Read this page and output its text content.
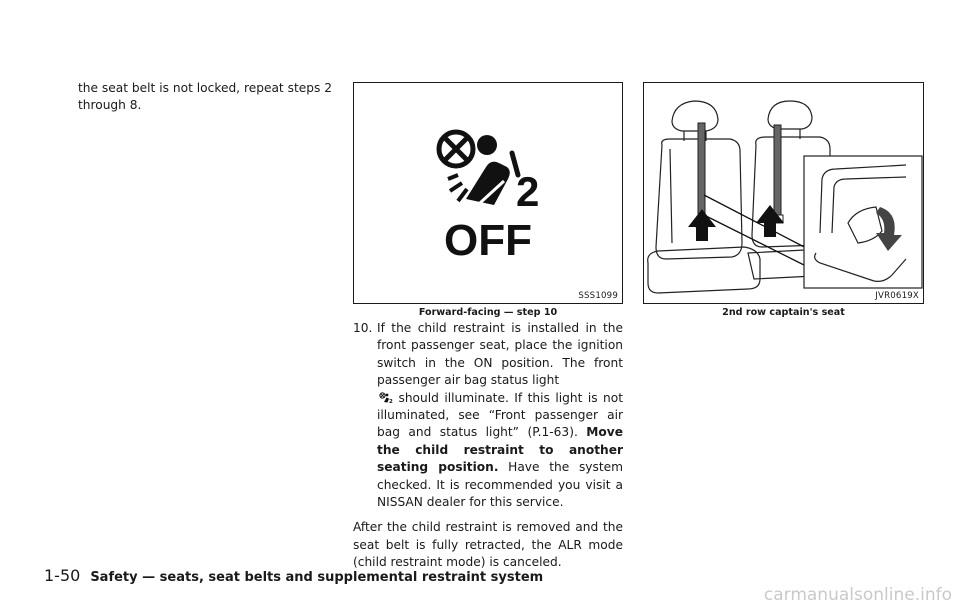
the seat belt is not locked, repeat steps 2 through 8.

2
OFF
SSS1099
Forward-facing — step 10
JVR0619X
2nd row captain's seat
10. If the child restraint is installed in the front passenger seat, place the ignition switch in the ON position. The front passenger air bag status light

2 should illuminate. If this light is not illuminated, see “Front passenger air bag and status light” (P.1-63). Move the child restraint to another seating position. Have the system checked. It is recommended you visit a NISSAN dealer for this service.

After the child restraint is removed and the seat belt is fully retracted, the ALR mode (child restraint mode) is canceled.

1-50 Safety — seats, seat belts and supplemental restraint system
carmanualsonline.info
